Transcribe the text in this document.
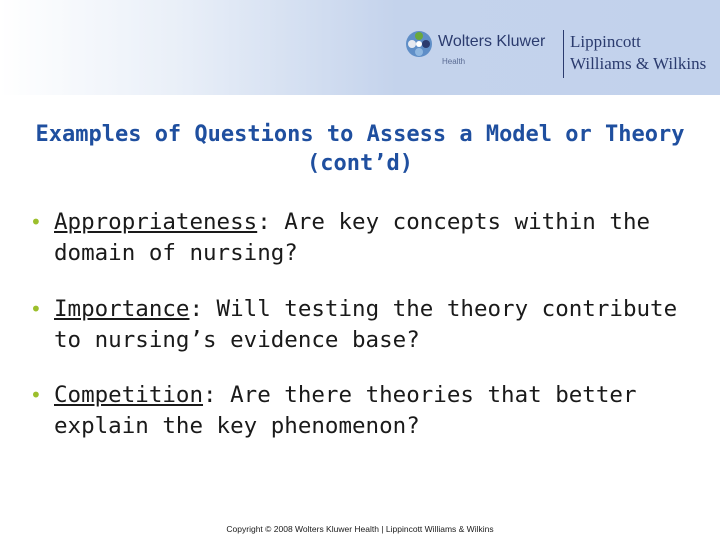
Wolters Kluwer
Health
Lippincott
Williams & Wilkins
Examples of Questions to Assess a Model or Theory (cont’d)
• Appropriateness: Are key concepts within the domain of nursing?
• Importance: Will testing the theory contribute to nursing’s evidence base?
• Competition: Are there theories that better explain the key phenomenon?
Copyright © 2008 Wolters Kluwer Health | Lippincott Williams & Wilkins
